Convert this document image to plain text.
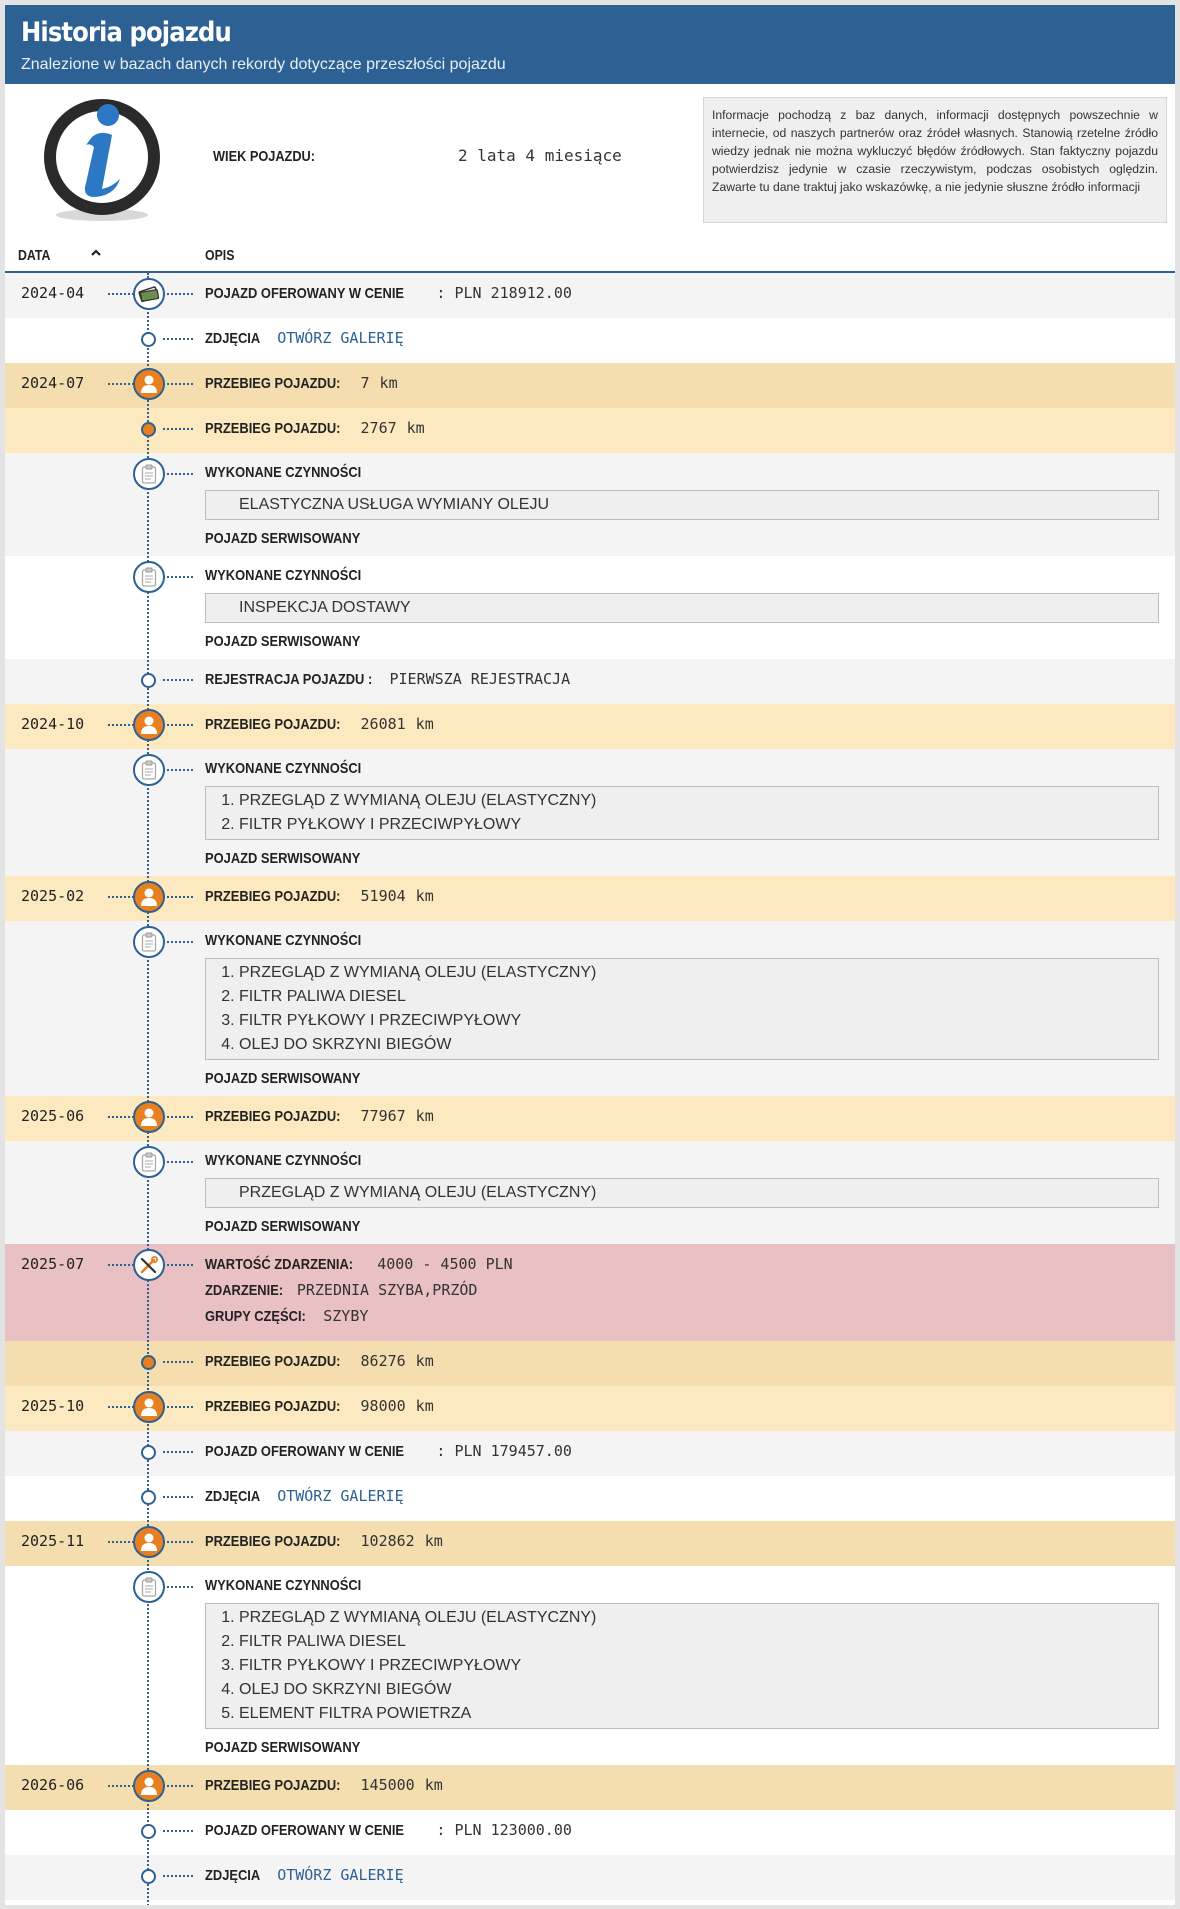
Historia pojazdu
Znalezione w bazach danych rekordy dotyczące przeszłości pojazdu
WIEK POJAZDU:	2 lata 4 miesiące
Informacje pochodzą z baz danych, informacji dostępnych powszechnie w internecie, od naszych partnerów oraz źródeł własnych. Stanowią rzetelne źródło wiedzy jednak nie można wykluczyć błędów źródłowych. Stan faktyczny pojazdu potwierdzisz jedynie w czasie rzeczywistym, podczas osobistych oględzin. Zawarte tu dane traktuj jako wskazówkę, a nie jedynie słuszne źródło informacji
DATA	OPIS
2024-04	POJAZD OFEROWANY W CENIE : PLN 218912.00
ZDJĘCIA OTWÓRZ GALERIĘ
2024-07	PRZEBIEG POJAZDU: 7 km
PRZEBIEG POJAZDU: 2767 km
WYKONANE CZYNNOŚCI
ELASTYCZNA USŁUGA WYMIANY OLEJU
POJAZD SERWISOWANY
WYKONANE CZYNNOŚCI
INSPEKCJA DOSTAWY
POJAZD SERWISOWANY
REJESTRACJA POJAZDU : PIERWSZA REJESTRACJA
2024-10	PRZEBIEG POJAZDU: 26081 km
WYKONANE CZYNNOŚCI
1. PRZEGLĄD Z WYMIANĄ OLEJU (ELASTYCZNY)
2. FILTR PYŁKOWY I PRZECIWPYŁOWY
POJAZD SERWISOWANY
2025-02	PRZEBIEG POJAZDU: 51904 km
WYKONANE CZYNNOŚCI
1. PRZEGLĄD Z WYMIANĄ OLEJU (ELASTYCZNY)
2. FILTR PALIWA DIESEL
3. FILTR PYŁKOWY I PRZECIWPYŁOWY
4. OLEJ DO SKRZYNI BIEGÓW
POJAZD SERWISOWANY
2025-06	PRZEBIEG POJAZDU: 77967 km
WYKONANE CZYNNOŚCI
PRZEGLĄD Z WYMIANĄ OLEJU (ELASTYCZNY)
POJAZD SERWISOWANY
2025-07	WARTOŚĆ ZDARZENIA: 4000 - 4500 PLN
ZDARZENIE: PRZEDNIA SZYBA,PRZÓD
GRUPY CZĘŚCI: SZYBY
PRZEBIEG POJAZDU: 86276 km
2025-10	PRZEBIEG POJAZDU: 98000 km
POJAZD OFEROWANY W CENIE : PLN 179457.00
ZDJĘCIA OTWÓRZ GALERIĘ
2025-11	PRZEBIEG POJAZDU: 102862 km
WYKONANE CZYNNOŚCI
1. PRZEGLĄD Z WYMIANĄ OLEJU (ELASTYCZNY)
2. FILTR PALIWA DIESEL
3. FILTR PYŁKOWY I PRZECIWPYŁOWY
4. OLEJ DO SKRZYNI BIEGÓW
5. ELEMENT FILTRA POWIETRZA
POJAZD SERWISOWANY
2026-06	PRZEBIEG POJAZDU: 145000 km
POJAZD OFEROWANY W CENIE : PLN 123000.00
ZDJĘCIA OTWÓRZ GALERIĘ
